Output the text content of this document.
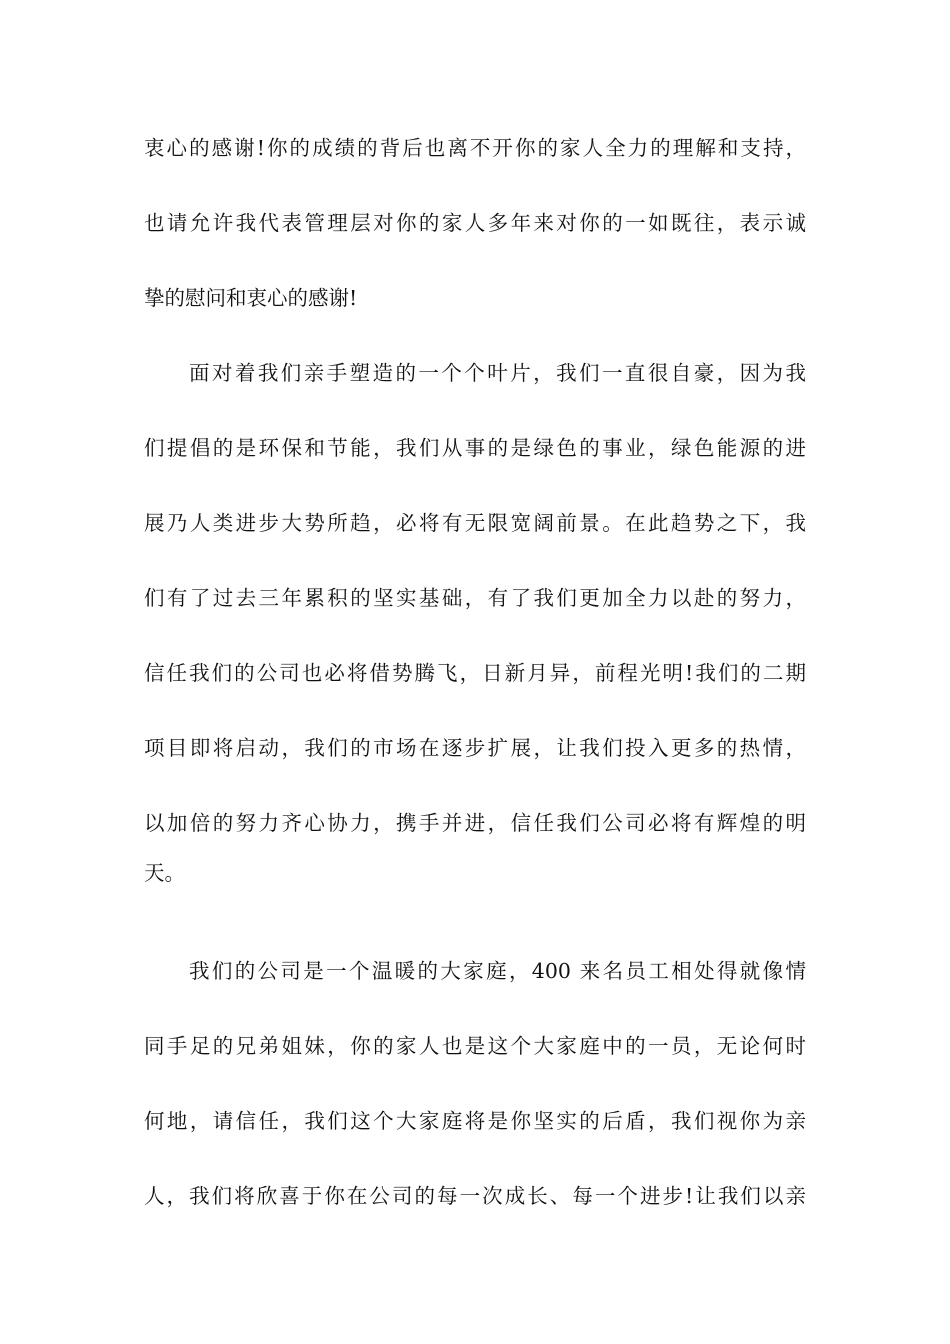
衷心的感谢!你的成绩的背后也离不开你的家人全力的理解和支持，
也请允许我代表管理层对你的家人多年来对你的一如既往，表示诚
挚的慰问和衷心的感谢!
面对着我们亲手塑造的一个个叶片，我们一直很自豪，因为我
们提倡的是环保和节能，我们从事的是绿色的事业，绿色能源的进
展乃人类进步大势所趋，必将有无限宽阔前景。在此趋势之下，我
们有了过去三年累积的坚实基础，有了我们更加全力以赴的努力，
信任我们的公司也必将借势腾飞，日新月异，前程光明!我们的二期
项目即将启动，我们的市场在逐步扩展，让我们投入更多的热情，
以加倍的努力齐心协力，携手并进，信任我们公司必将有辉煌的明
天。
我们的公司是一个温暖的大家庭，400 来名员工相处得就像情
同手足的兄弟姐妹，你的家人也是这个大家庭中的一员，无论何时
何地，请信任，我们这个大家庭将是你坚实的后盾，我们视你为亲
人，我们将欣喜于你在公司的每一次成长、每一个进步!让我们以亲
